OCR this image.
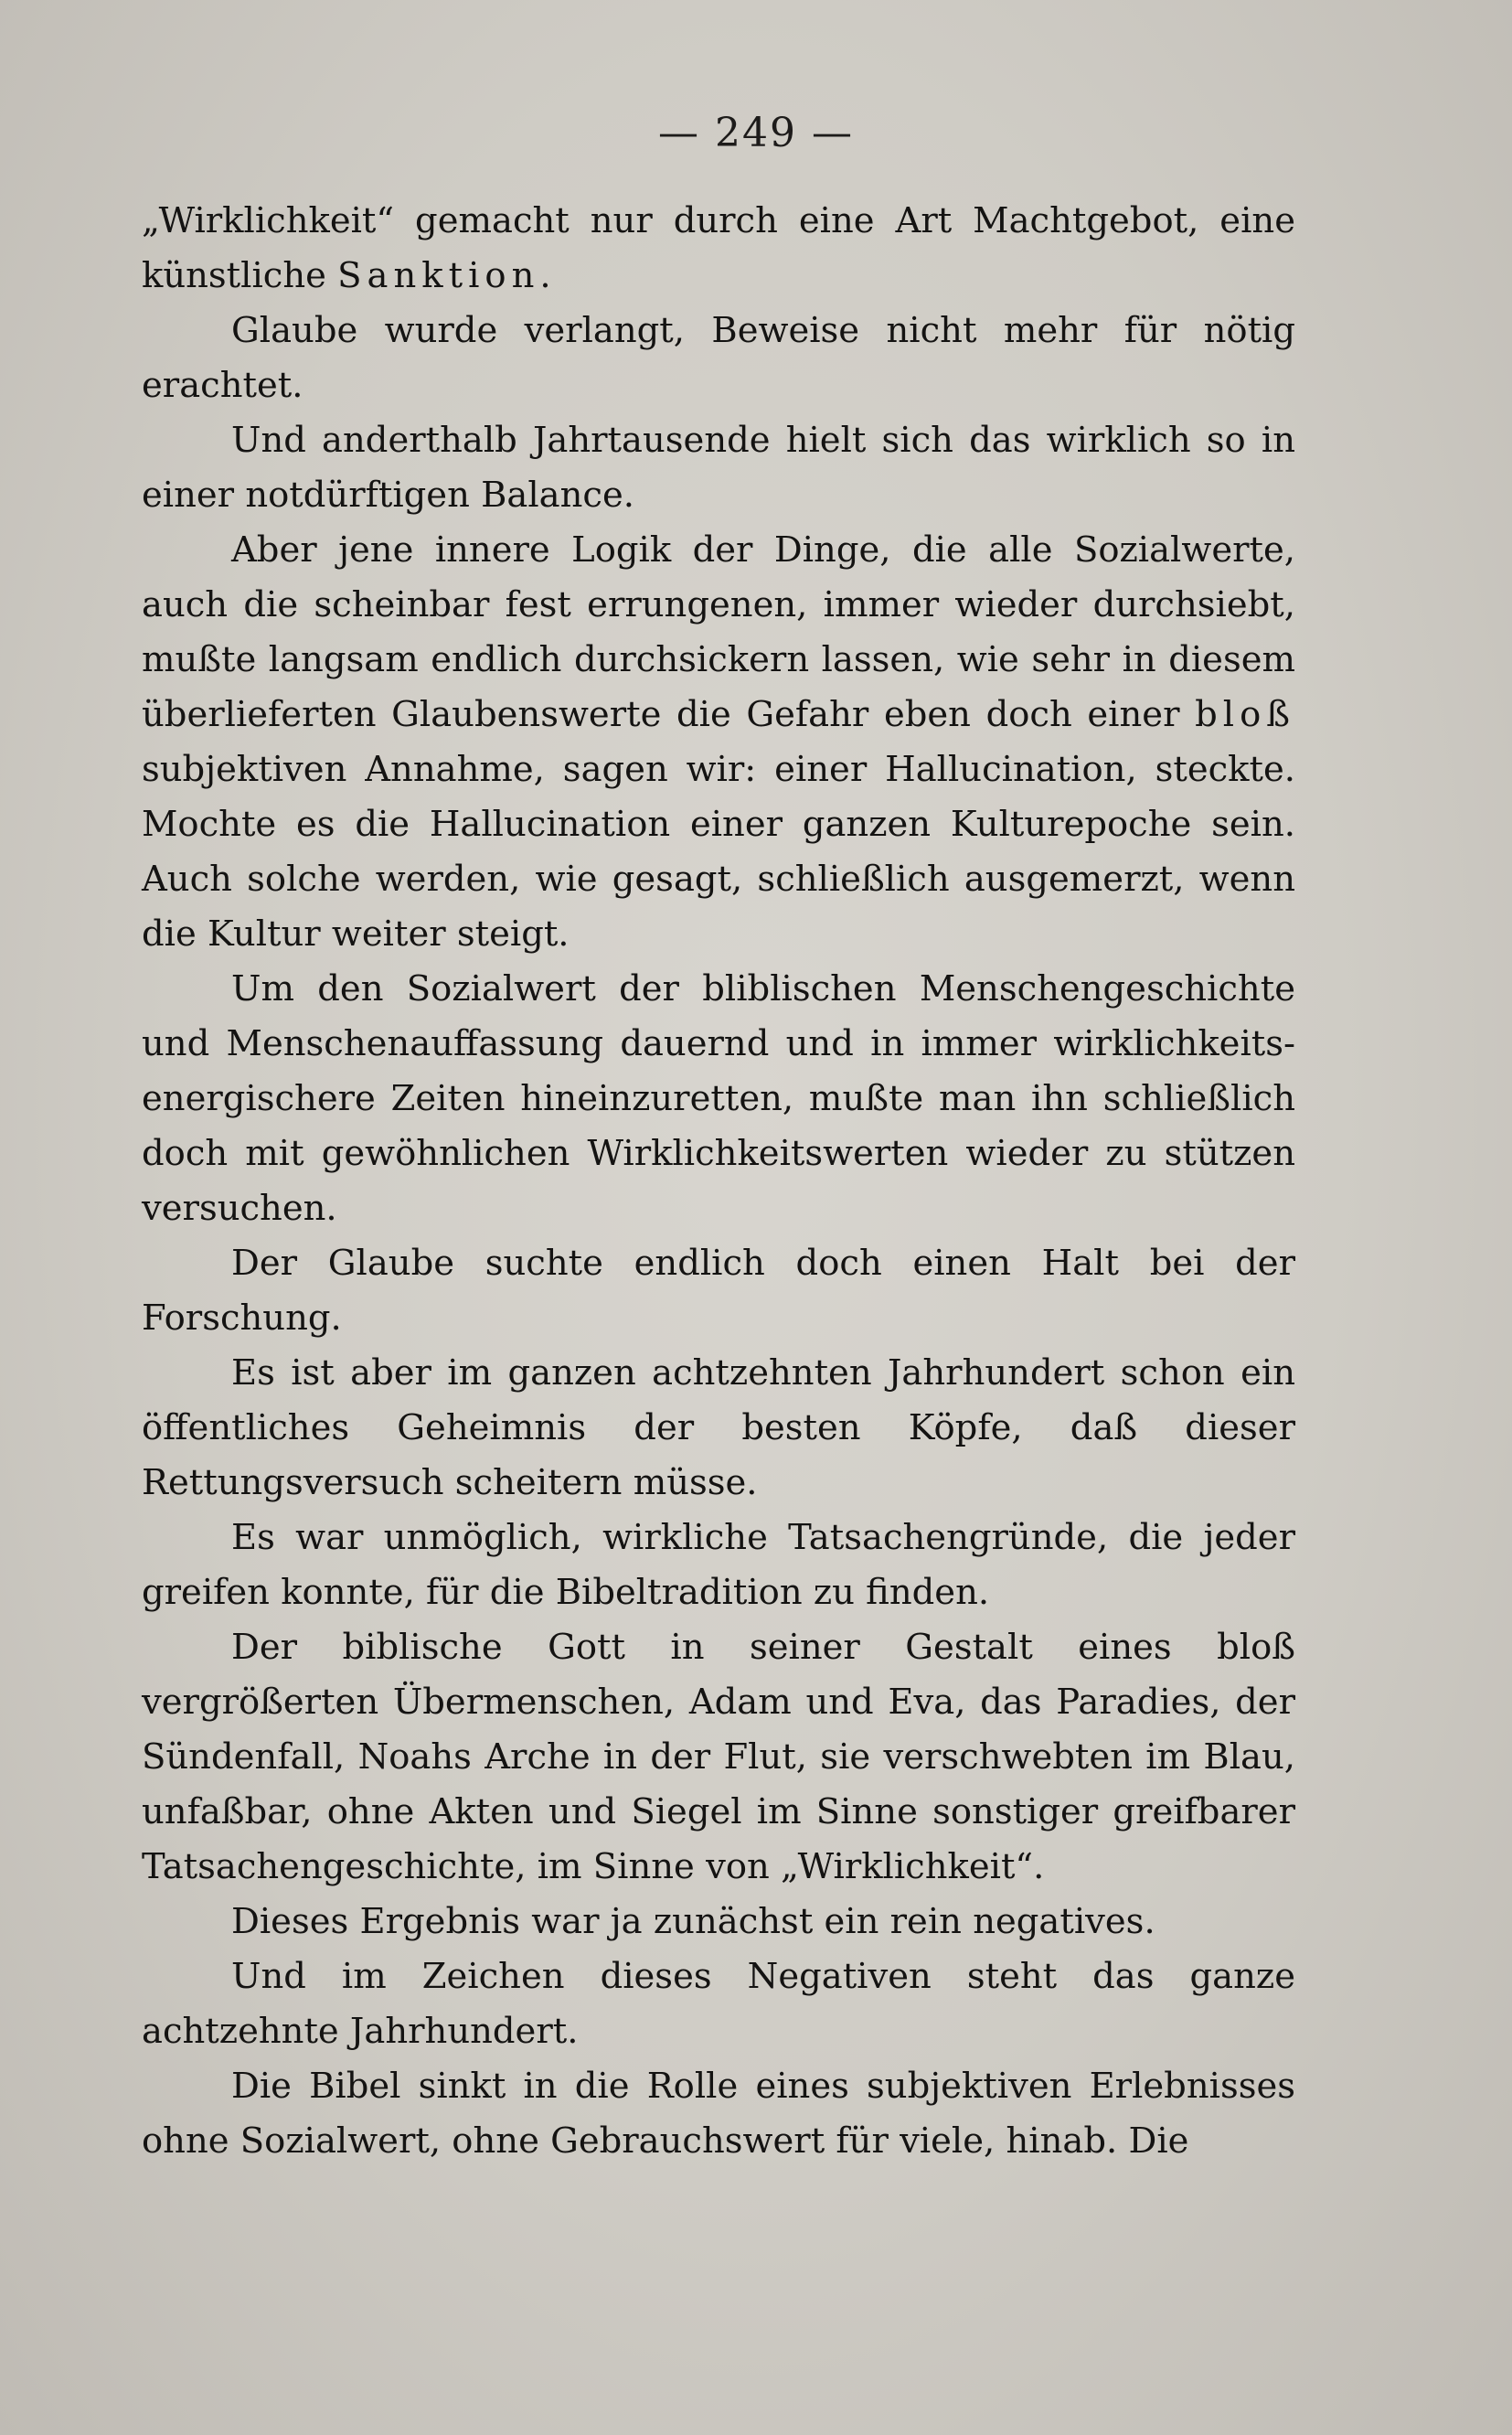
— 249 —

„Wirklichkeit“ gemacht nur durch eine Art Machtgebot, eine künstliche Sanktion.

Glaube wurde verlangt, Beweise nicht mehr für nötig erachtet.

Und anderthalb Jahrtausende hielt sich das wirklich so in einer notdürftigen Balance.

Aber jene innere Logik der Dinge, die alle Sozialwerte, auch die scheinbar fest errungenen, immer wieder durchsiebt, mußte langsam endlich durchsickern lassen, wie sehr in diesem überlieferten Glaubenswerte die Gefahr eben doch einer bloß subjektiven Annahme, sagen wir: einer Hallucination, steckte. Mochte es die Hallucination einer ganzen Kulturepoche sein. Auch solche werden, wie gesagt, schließlich ausgemerzt, wenn die Kultur weiter steigt.

Um den Sozialwert der bliblischen Menschengeschichte und Menschenauffassung dauernd und in immer wirklichkeits-energischere Zeiten hineinzuretten, mußte man ihn schließlich doch mit gewöhnlichen Wirklichkeitswerten wieder zu stützen versuchen.

Der Glaube suchte endlich doch einen Halt bei der Forschung.

Es ist aber im ganzen achtzehnten Jahrhundert schon ein öffentliches Geheimnis der besten Köpfe, daß dieser Rettungsversuch scheitern müsse.

Es war unmöglich, wirkliche Tatsachengründe, die jeder greifen konnte, für die Bibeltradition zu finden.

Der biblische Gott in seiner Gestalt eines bloß vergrößerten Übermenschen, Adam und Eva, das Paradies, der Sündenfall, Noahs Arche in der Flut, sie verschwebten im Blau, unfaßbar, ohne Akten und Siegel im Sinne sonstiger greifbarer Tatsachengeschichte, im Sinne von „Wirklichkeit“.

Dieses Ergebnis war ja zunächst ein rein negatives.

Und im Zeichen dieses Negativen steht das ganze achtzehnte Jahrhundert.

Die Bibel sinkt in die Rolle eines subjektiven Erlebnisses ohne Sozialwert, ohne Gebrauchswert für viele, hinab. Die
